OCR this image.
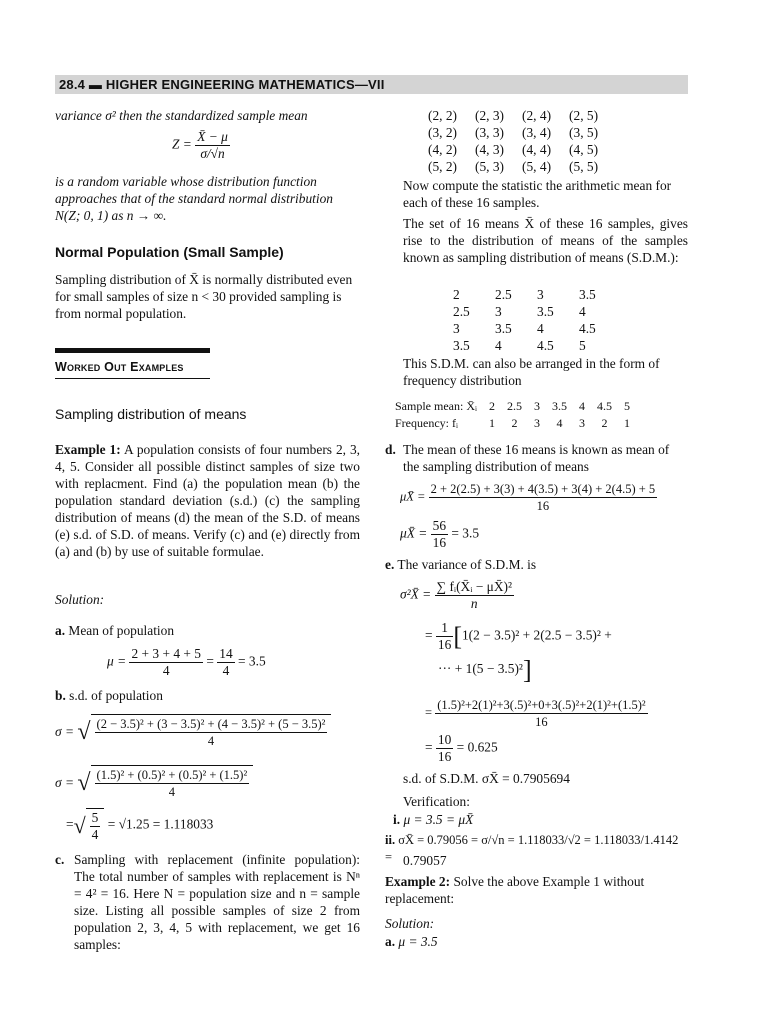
28.4 ▬ HIGHER ENGINEERING MATHEMATICS—VII
variance σ² then the standardized sample mean
$Z = \frac{X̄ - \mu}{\sigma/√n}$
is a random variable whose distribution function approaches that of the standard normal distribution N(Z; 0, 1) as n → ∞.
Normal Population (Small Sample)
Sampling distribution of X̄ is normally distributed even for small samples of size n < 30 provided sampling is from normal population.
Worked Out Examples
Sampling distribution of means
Example 1: A population consists of four numbers 2, 3, 4, 5. Consider all possible distinct samples of size two with replacment. Find (a) the population mean (b) the population standard deviation (s.d.) (c) the sampling distribution of means (d) the mean of the S.D. of means (e) s.d. of S.D. of means. Verify (c) and (e) directly from (a) and (b) by use of suitable formulae.
Solution:
a. Mean of population
$\mu = \frac{2 + 3 + 4 + 5}{4} = \frac{14}{4} = 3.5$
b. s.d. of population
σ = √ $\frac{\text{(2 − 3.5)² + (3 − 3.5)² + (4 − 3.5)² + (5 − 3.5)²}}{4}$
σ = √ $\frac{\text{(1.5)² + (0.5)² + (0.5)² + (1.5)²}}{4}$
=√ $\frac{5}{4} = √1.25 = 1.118033$
c. Sampling with replacement (infinite population): The total number of samples with replacement is Nⁿ = 4² = 16. Here N = population size and n = sample size. Listing all possible samples of size 2 from population 2, 3, 4, 5 with replacement, we get 16 samples:
(2, 2)	(2, 3)	(2, 4)	(2, 5)
(3, 2)	(3, 3)	(3, 4)	(3, 5)
(4, 2)	(4, 3)	(4, 4)	(4, 5)
(5, 2)	(5, 3)	(5, 4)	(5, 5)
Now compute the statistic the arithmetic mean for each of these 16 samples.
The set of 16 means X̄ of these 16 samples, gives rise to the distribution of means of the samples known as sampling distribution of means (S.D.M.):
2	2.5	3	3.5
2.5	3	3.5	4
3	3.5	4	4.5
3.5	4	4.5	5
This S.D.M. can also be arranged in the form of frequency distribution
Sample mean: X̄ᵢ	2	2.5	3	3.5	4	4.5	5
Frequency: fᵢ	1	2	3	4	3	2	1
d. The mean of these 16 means is known as mean of the sampling distribution of means
μX̄ = $\frac{2 + 2(2.5) + 3(3) + 4(3.5) + 3(4) + 2(4.5) + 5}{16}$
μX̄ = $\frac{56}{16} = 3.5$
e. The variance of S.D.M. is
σ²X̄ = $\frac{\text{∑ fᵢ(X̄ᵢ − μX̄)²}}{n}$
= $\frac{1}{16} [1(2 - 3.5)^2 + 2(2.5 - 3.5)^2$ +
··· + 1(5 − 3.5)²]
= $\frac{\text{(1.5)²+2(1)²+3(.5)²+0+3(.5)²+2(1)²+(1.5)²}}{16}$
= $\frac{10}{16} = 0.625$
s.d. of S.D.M. σX̄ = 0.7905694
Verification:
i. μ = 3.5 = μX̄
ii. σX̄ = 0.79056 = σ/√n = 1.118033/√2 = 1.118033/1.4142 = 0.79057
Example 2: Solve the above Example 1 without replacement:
Solution:
a. μ = 3.5
